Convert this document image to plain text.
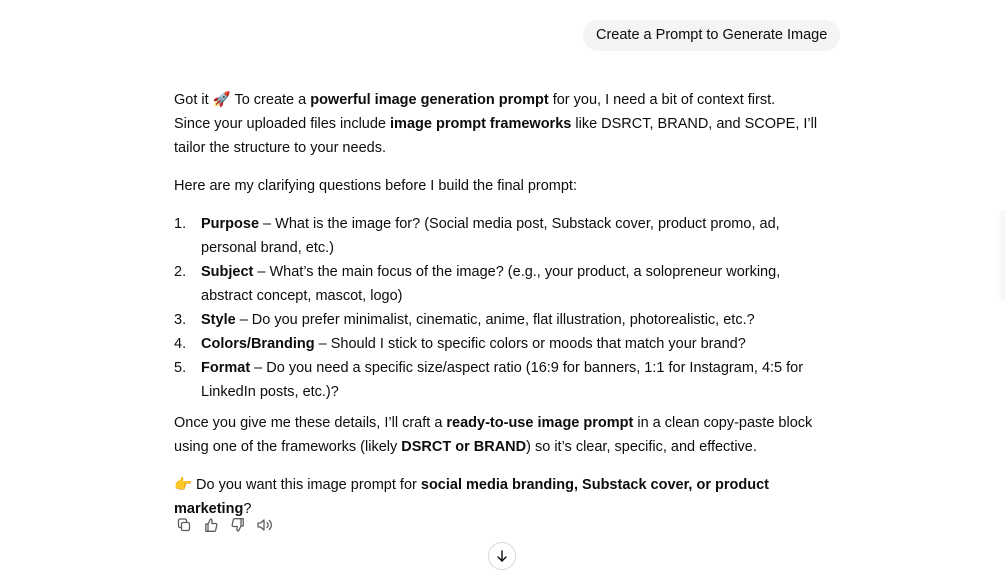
Create a Prompt to Generate Image

Got it 🚀 To create a powerful image generation prompt for you, I need a bit of context first.
Since your uploaded files include image prompt frameworks like DSRCT, BRAND, and SCOPE, I’ll tailor the structure to your needs.

Here are my clarifying questions before I build the final prompt:

1.	Purpose – What is the image for? (Social media post, Substack cover, product promo, ad, personal brand, etc.)
2.	Subject – What’s the main focus of the image? (e.g., your product, a solopreneur working, abstract concept, mascot, logo)
3.	Style – Do you prefer minimalist, cinematic, anime, flat illustration, photorealistic, etc.?
4.	Colors/Branding – Should I stick to specific colors or moods that match your brand?
5.	Format – Do you need a specific size/aspect ratio (16:9 for banners, 1:1 for Instagram, 4:5 for LinkedIn posts, etc.)?

Once you give me these details, I’ll craft a ready-to-use image prompt in a clean copy-paste block using one of the frameworks (likely DSRCT or BRAND) so it’s clear, specific, and effective.

👉 Do you want this image prompt for social media branding, Substack cover, or product marketing?
